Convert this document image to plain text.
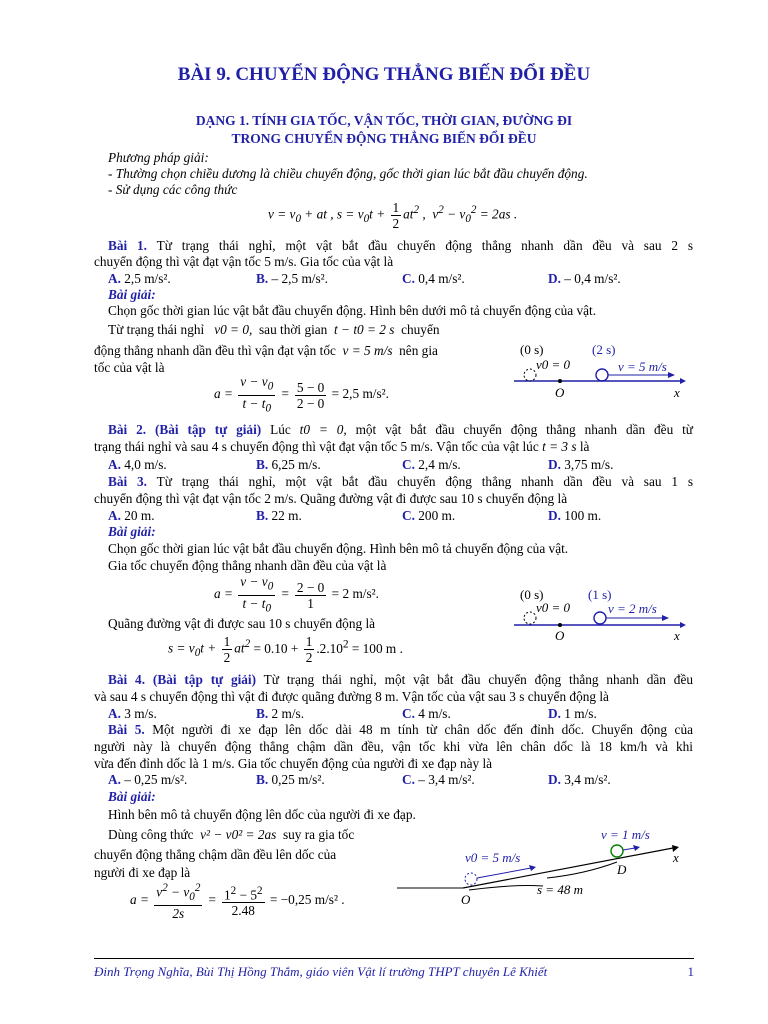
BÀI 9. CHUYỂN ĐỘNG THẲNG BIẾN ĐỔI ĐỀU
DẠNG 1. TÍNH GIA TỐC, VẬN TỐC, THỜI GIAN, ĐƯỜNG ĐI
TRONG CHUYỂN ĐỘNG THẲNG BIẾN ĐỔI ĐỀU
Phương pháp giải:
- Thường chọn chiều dương là chiều chuyển động, gốc thời gian lúc bắt đầu chuyển động.
- Sử dụng các công thức
$v = v_0$ + at , $s = v_0t + \frac{1}{2} at^2$ ,  $v^2 - v_0^2 = 2as$ .
Bài 1. Từ trạng thái nghỉ, một vật bắt đầu chuyển động thẳng nhanh dần đều và sau 2 s
chuyển động thì vật đạt vận tốc 5 m/s. Gia tốc của vật là
A. 2,5 m/s².	B. – 2,5 m/s².	C. 0,4 m/s².	D. – 0,4 m/s².
Bài giải:
Chọn gốc thời gian lúc vật bắt đầu chuyển động. Hình bên dưới mô tả chuyển động của vật.
Từ trạng thái nghỉ v0 = 0, sau thời gian t − t0 = 2 s chuyển
động thẳng nhanh dần đều thì vận đạt vận tốc v = 5 m/s nên gia
tốc của vật là
$a = \frac{v - v_0}{t - t_0} = \frac{5 - 0}{2 - 0} = 2,5$ m/s².
(0 s)	(2 s)
v0 = 0	v = 5 m/s
O	x
Bài 2. (Bài tập tự giải) Lúc t0 = 0, một vật bắt đầu chuyển động thẳng nhanh dần đều từ
trạng thái nghỉ và sau 4 s chuyển động thì vật đạt vận tốc 5 m/s. Vận tốc của vật lúc t = 3 s là
A. 4,0 m/s.	B. 6,25 m/s.	C. 2,4 m/s.	D. 3,75 m/s.
Bài 3. Từ trạng thái nghỉ, một vật bắt đầu chuyển động thẳng nhanh dần đều và sau 1 s
chuyển động thì vật đạt vận tốc 2 m/s. Quãng đường vật đi được sau 10 s chuyển động là
A. 20 m.	B. 22 m.	C. 200 m.	D. 100 m.
Bài giải:
Chọn gốc thời gian lúc vật bắt đầu chuyển động. Hình bên mô tả chuyển động của vật.
Gia tốc chuyển động thẳng nhanh dần đều của vật là
$a = \frac{v - v_0}{t - t_0} = \frac{2 - 0}{1} = 2$ m/s².
Quãng đường vật đi được sau 10 s chuyển động là
$s = v_0t + \frac{1}{2} at^2 = 0.10 + \frac{1}{2} .2.10^2 = 100$ m .
(0 s)	(1 s)
v0 = 0	v = 2 m/s
O	x
Bài 4. (Bài tập tự giải) Từ trạng thái nghỉ, một vật bắt đầu chuyển động thẳng nhanh dần đều
và sau 4 s chuyển động thì vật đi được quãng đường 8 m. Vận tốc của vật sau 3 s chuyển động là
A. 3 m/s.	B. 2 m/s.	C. 4 m/s.	D. 1 m/s.
Bài 5. Một người đi xe đạp lên dốc dài 48 m tính từ chân dốc đến đỉnh dốc. Chuyển động của
người này là chuyển động thẳng chậm dần đều, vận tốc khi vừa lên chân dốc là 18 km/h và khi
vừa đến đỉnh dốc là 1 m/s. Gia tốc chuyển động của người đi xe đạp này là
A. – 0,25 m/s².	B. 0,25 m/s².	C. – 3,4 m/s².	D. 3,4 m/s².
Bài giải:
Hình bên mô tả chuyển động lên dốc của người đi xe đạp.
Dùng công thức v² − v0² = 2as suy ra gia tốc
chuyển động thẳng chậm dần đều lên dốc của
người đi xe đạp là
$a = \frac{v^2 - v_0^2}{2s} = \frac{1^2 - 5^2}{2.48} = -0,25$ m/s² .
v = 1 m/s
v0 = 5 m/s
s = 48 m
O
D
x
Đinh Trọng Nghĩa, Bùi Thị Hồng Thắm, giáo viên Vật lí trường THPT chuyên Lê Khiết	1
